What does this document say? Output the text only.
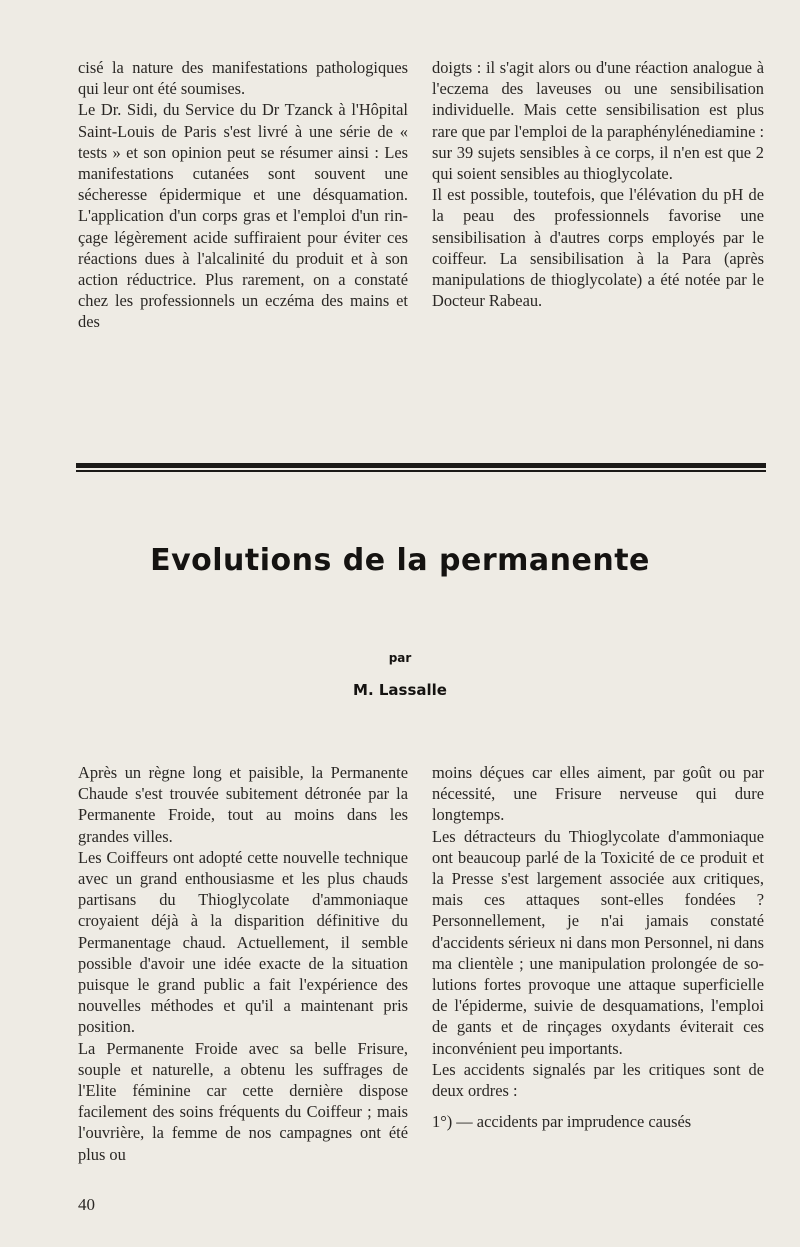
cisé la nature des manifestations pathologiques qui leur ont été soumises.

Le Dr. Sidi, du Service du Dr Tzanck à l'Hôpital Saint-Louis de Paris s'est livré à une série de « tests » et son opinion peut se résumer ainsi : Les manifestations cutanées sont souvent une sécheresse épidermique et une désquamation. L'application d'un corps gras et l'emploi d'un rinçage légèrement acide suffiraient pour éviter ces réactions dues à l'alcalinité du produit et à son action réductrice. Plus rarement, on a constaté chez les professionnels un eczéma des mains et des

doigts : il s'agit alors ou d'une réaction analogue à l'eczema des laveuses ou une sensibilisation individuelle. Mais cette sensibilisation est plus rare que par l'emploi de la paraphénylénediamine : sur 39 sujets sensibles à ce corps, il n'en est que 2 qui soient sensibles au thioglycolate.

Il est possible, toutefois, que l'élévation du pH de la peau des professionnels favorise une sensibilisation à d'autres corps employés par le coiffeur. La sensibilisation à la Para (après manipulations de thioglycolate) a été notée par le Docteur Rabeau.

Evolutions de la permanente
par
M. Lassalle

Après un règne long et paisible, la Permanente Chaude s'est trouvée subitement détronée par la Permanente Froide, tout au moins dans les grandes villes.

Les Coiffeurs ont adopté cette nouvelle technique avec un grand enthousiasme et les plus chauds partisans du Thioglycolate d'ammoniaque croyaient déjà à la disparition définitive du Permanentage chaud. Actuellement, il semble possible d'avoir une idée exacte de la situation puisque le grand public a fait l'expérience des nouvelles méthodes et qu'il a maintenant pris position.

La Permanente Froide avec sa belle Frisure, souple et naturelle, a obtenu les suffrages de l'Elite féminine car cette dernière dispose facilement des soins fréquents du Coiffeur ; mais l'ouvrière, la femme de nos campagnes ont été plus ou

moins déçues car elles aiment, par goût ou par nécessité, une Frisure nerveuse qui dure longtemps.

Les détracteurs du Thioglycolate d'ammoniaque ont beaucoup parlé de la Toxicité de ce produit et la Presse s'est largement associée aux critiques, mais ces attaques sont-elles fondées ? Personnellement, je n'ai jamais constaté d'accidents sérieux ni dans mon Personnel, ni dans ma clientèle ; une manipulation prolongée de solutions fortes provoque une attaque superficielle de l'épiderme, suivie de desquamations, l'emploi de gants et de rinçages oxydants éviterait ces inconvénient peu importants.

Les accidents signalés par les critiques sont de deux ordres :

1°) — accidents par imprudence causés

40
